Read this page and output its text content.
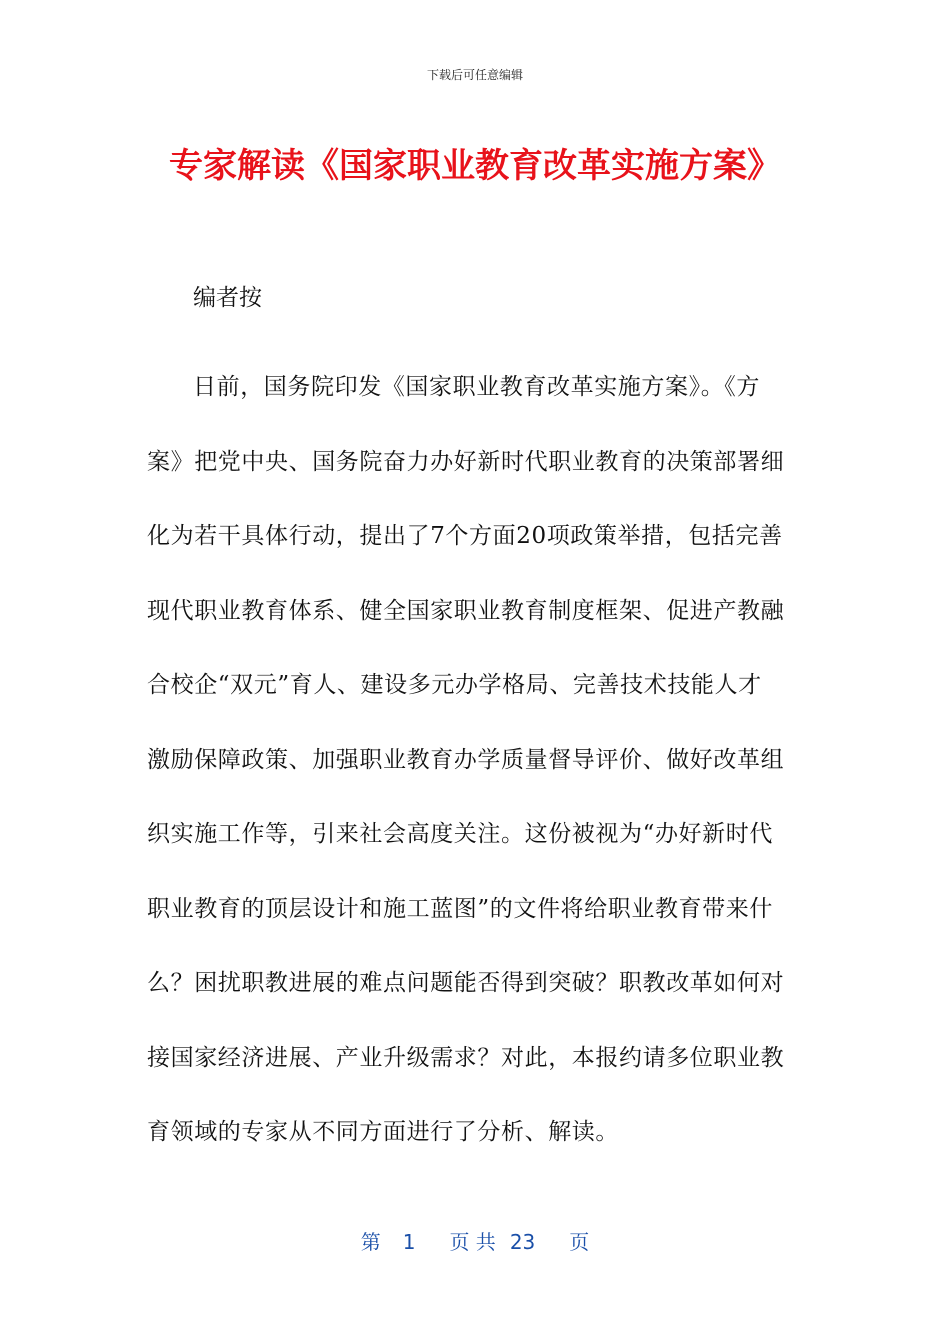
下载后可任意编辑
专家解读《国家职业教育改革实施方案》
编者按
日前，国务院印发《国家职业教育改革实施方案》。《方
案》把党中央、国务院奋力办好新时代职业教育的决策部署细
化为若干具体行动，提出了7个方面20项政策举措，包括完善
现代职业教育体系、健全国家职业教育制度框架、促进产教融
合校企“双元”育人、建设多元办学格局、完善技术技能人才
激励保障政策、加强职业教育办学质量督导评价、做好改革组
织实施工作等，引来社会高度关注。这份被视为“办好新时代
职业教育的顶层设计和施工蓝图”的文件将给职业教育带来什
么？困扰职教进展的难点问题能否得到突破？职教改革如何对
接国家经济进展、产业升级需求？对此，本报约请多位职业教
育领域的专家从不同方面进行了分析、解读。
第 1 页 共 23 页
